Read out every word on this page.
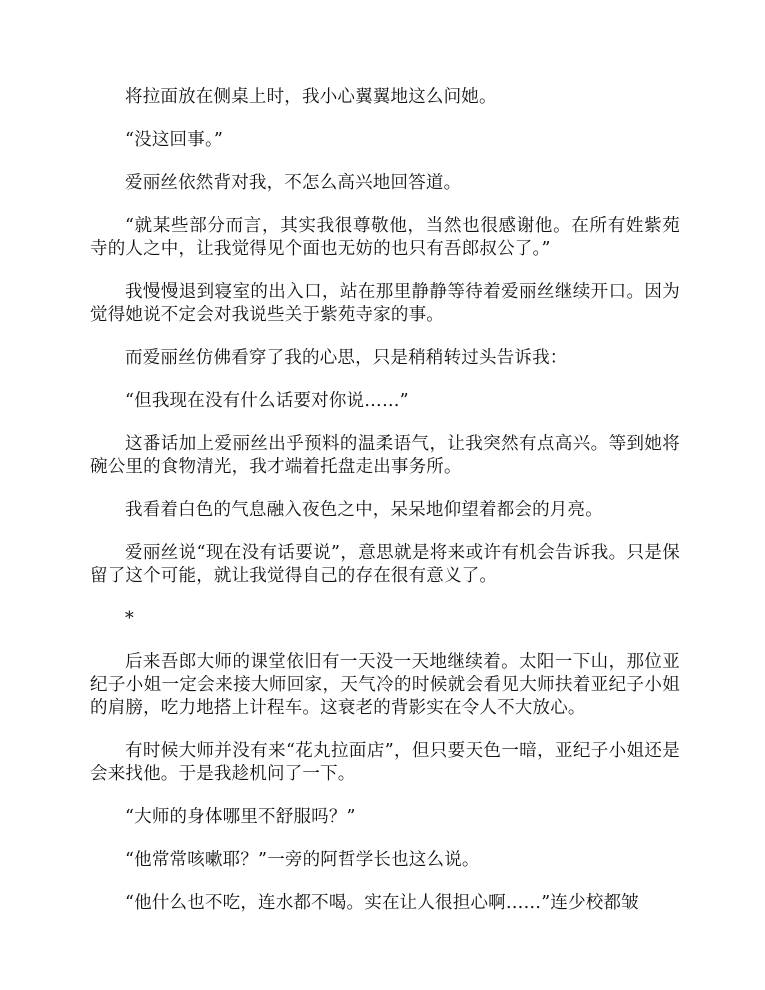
将拉面放在侧桌上时，我小心翼翼地这么问她。

“没这回事。”

爱丽丝依然背对我，不怎么高兴地回答道。

“就某些部分而言，其实我很尊敬他，当然也很感谢他。在所有姓紫苑寺的人之中，让我觉得见个面也无妨的也只有吾郎叔公了。”

我慢慢退到寝室的出入口，站在那里静静等待着爱丽丝继续开口。因为觉得她说不定会对我说些关于紫苑寺家的事。

而爱丽丝仿佛看穿了我的心思，只是稍稍转过头告诉我：

“但我现在没有什么话要对你说……”

这番话加上爱丽丝出乎预料的温柔语气，让我突然有点高兴。等到她将碗公里的食物清光，我才端着托盘走出事务所。

我看着白色的气息融入夜色之中，呆呆地仰望着都会的月亮。

爱丽丝说“现在没有话要说”，意思就是将来或许有机会告诉我。只是保留了这个可能，就让我觉得自己的存在很有意义了。

*

后来吾郎大师的课堂依旧有一天没一天地继续着。太阳一下山，那位亚纪子小姐一定会来接大师回家，天气冷的时候就会看见大师扶着亚纪子小姐的肩膀，吃力地搭上计程车。这衰老的背影实在令人不大放心。

有时候大师并没有来“花丸拉面店”，但只要天色一暗，亚纪子小姐还是会来找他。于是我趁机问了一下。

“大师的身体哪里不舒服吗？”

“他常常咳嗽耶？”一旁的阿哲学长也这么说。

“他什么也不吃，连水都不喝。实在让人很担心啊……”连少校都皱
